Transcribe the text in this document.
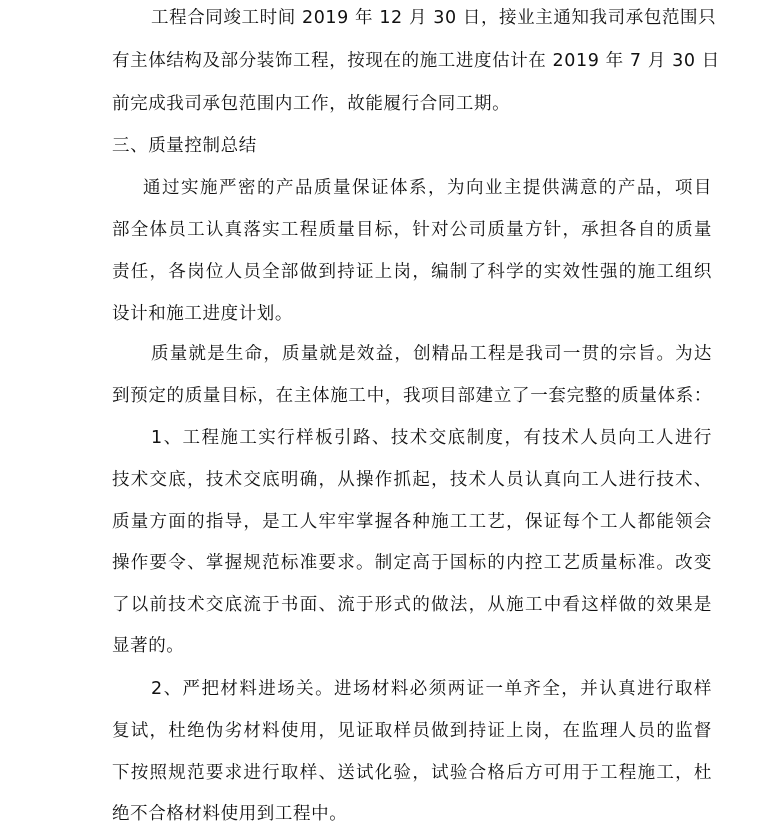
工程合同竣工时间 2019 年 12 月 30 日，接业主通知我司承包范围只
有主体结构及部分装饰工程，按现在的施工进度估计在 2019 年 7 月 30 日
前完成我司承包范围内工作，故能履行合同工期。
三、质量控制总结
通过实施严密的产品质量保证体系，为向业主提供满意的产品，项目
部全体员工认真落实工程质量目标，针对公司质量方针，承担各自的质量
责任，各岗位人员全部做到持证上岗，编制了科学的实效性强的施工组织
设计和施工进度计划。
质量就是生命，质量就是效益，创精品工程是我司一贯的宗旨。为达
到预定的质量目标，在主体施工中，我项目部建立了一套完整的质量体系：
1、工程施工实行样板引路、技术交底制度，有技术人员向工人进行
技术交底，技术交底明确，从操作抓起，技术人员认真向工人进行技术、
质量方面的指导，是工人牢牢掌握各种施工工艺，保证每个工人都能领会
操作要令、掌握规范标准要求。制定高于国标的内控工艺质量标准。改变
了以前技术交底流于书面、流于形式的做法，从施工中看这样做的效果是
显著的。
2、严把材料进场关。进场材料必须两证一单齐全，并认真进行取样
复试，杜绝伪劣材料使用，见证取样员做到持证上岗，在监理人员的监督
下按照规范要求进行取样、送试化验，试验合格后方可用于工程施工，杜
绝不合格材料使用到工程中。
